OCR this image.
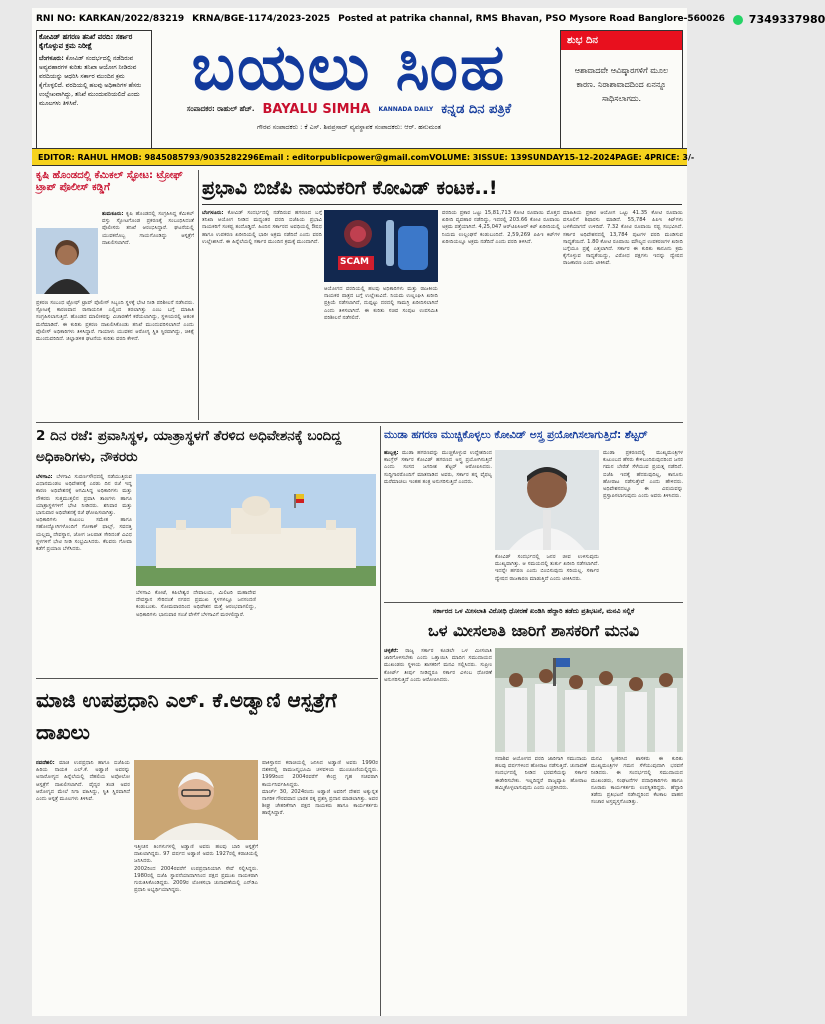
RNI NO: KARKAN/2022/83219 KRNA/BGE-1174/2023-2025 Posted at patrika channal, RMS Bhavan, PSO Mysore Road Banglore-560026	7349337980
ಕೋವಿಡ್ ಹಗರಣ ತನಿಖೆ ವರದಿ: ಸರ್ಕಾರ ಕೈಗೊಳ್ಳುವ ಕ್ರಮ ನಿರೀಕ್ಷೆ
ಬೆಂಗಳೂರು: ಕೋವಿಡ್ ಸಂದರ್ಭದಲ್ಲಿ ನಡೆದಿರುವ ಅವ್ಯವಹಾರಗಳ ಕುರಿತು ತನಿಖಾ ಆಯೋಗ ನೀಡಿರುವ ವರದಿಯನ್ನು ಆಧರಿಸಿ ಸರ್ಕಾರ ಮುಂದಿನ ಕ್ರಮ ಕೈಗೊಳ್ಳಲಿದೆ. ವರದಿಯಲ್ಲಿ ಹಲವು ಅಧಿಕಾರಿಗಳ ಹೆಸರು ಉಲ್ಲೇಖವಾಗಿದ್ದು, ತನಿಖೆ ಮುಂದುವರಿಯಲಿದೆ ಎಂದು ಮೂಲಗಳು ತಿಳಿಸಿವೆ.	ಬಯಲು ಸಿಂಹ
ಸಂಪಾದಕರ: ರಾಹುಲ್ ಹೆಚ್. BAYALU SIMHA KANNADA DAILY ಕನ್ನಡ ದಿನ ಪತ್ರಿಕೆ
ಗೌರವ ಸಂಪಾದಕರು : ಕೆ ಎಸ್. ಶಿವಪ್ರಸಾದ್ ವ್ಯವಸ್ಥಾಪಕ ಸಂಪಾದಕರು: ಆರ್. ಹನುಮಂತ
ಶುಭ ದಿನ
ಆಶಾವಾದವೇ ಆವಿಷ್ಕಾರಗಳಿಗೆ ಮೂಲ ಕಾರಣ. ನಿರಾಶಾವಾದದಿಂದ ಏನನ್ನೂ ಸಾಧಿಸಲಾಗದು.
EDITOR: RAHUL H MOB: 9845085793/9035282296 Email : editorpublicpower@gmail.com VOLUME: 3 ISSUE: 139 SUNDAY 15-12-2024 PAGE: 4 PRICE: 3/-
ಕೃಷಿ ಹೊಂಡದಲ್ಲಿ ಕೆಮಿಕಲ್ ಸ್ಫೋಟ: ಟ್ರೋಫ್ ಟ್ರಾಪ್ ಪೊಲೀಸ್ ಕಡ್ಡಿಗೆ
ತುಮಕೂರು: ಕೃಷಿ ಹೊಂಡದಲ್ಲಿ ಸಂಗ್ರಹಿಸಿದ್ದ ಕೆಮಿಕಲ್ ವಸ್ತು ಸ್ಫೋಟಗೊಂಡ ಪ್ರಕರಣಕ್ಕೆ ಸಂಬಂಧಿಸಿದಂತೆ ಪೊಲೀಸರು ತನಿಖೆ ಆರಂಭಿಸಿದ್ದಾರೆ. ಘಟನೆಯಲ್ಲಿ ಯುವಕನೊಬ್ಬ ಗಾಯಗೊಂಡಿದ್ದು ಆಸ್ಪತ್ರೆಗೆ ದಾಖಲಿಸಲಾಗಿದೆ.
ಪ್ರಕರಣ ಸಂಬಂಧ ಟ್ರೋಫ್ ಟ್ರಾಪ್ ಪೊಲೀಸ್ ಸಿಬ್ಬಂದಿ ಸ್ಥಳಕ್ಕೆ ಭೇಟಿ ನೀಡಿ ಪರಿಶೀಲನೆ ನಡೆಸಿದರು. ಸ್ಫೋಟಕ್ಕೆ ಕಾರಣವಾದ ರಾಸಾಯನಿಕ ಎಲ್ಲಿಂದ ತರಲಾಗಿತ್ತು ಎಂಬ ಬಗ್ಗೆ ಮಾಹಿತಿ ಸಂಗ್ರಹಿಸಲಾಗುತ್ತಿದೆ. ಹೊಂಡದ ಮಾಲೀಕರನ್ನು ವಿಚಾರಣೆಗೆ ಕರೆಯಲಾಗಿದ್ದು, ಸ್ಥಳೀಯರಲ್ಲಿ ಆತಂಕ ಮನೆಮಾಡಿದೆ. ಈ ಕುರಿತು ಪ್ರಕರಣ ದಾಖಲಿಸಿಕೊಂಡು ತನಿಖೆ ಮುಂದುವರಿಸಲಾಗಿದೆ ಎಂದು ಪೊಲೀಸ್ ಅಧಿಕಾರಿಗಳು ತಿಳಿಸಿದ್ದಾರೆ. ಗಾಯಾಳು ಯುವಕನ ಆರೋಗ್ಯ ಸ್ಥಿತಿ ಸ್ಥಿರವಾಗಿದ್ದು, ಚಿಕಿತ್ಸೆ ಮುಂದುವರಿದಿದೆ. ಜಿಲ್ಲಾಡಳಿತ ಘಟನೆಯ ಕುರಿತು ವರದಿ ಕೇಳಿದೆ.
ಪ್ರಭಾವಿ ಬಿಜೆಪಿ ನಾಯಕರಿಗೆ ಕೋವಿಡ್ ಕಂಟಕ..!
ಬೆಂಗಳೂರು: ಕೋವಿಡ್ ಸಂದರ್ಭದಲ್ಲಿ ನಡೆದಿರುವ ಹಗರಣದ ಬಗ್ಗೆ ತನಿಖಾ ಆಯೋಗ ನೀಡಿದ ಮಧ್ಯಂತರ ವರದಿ ಬಿಜೆಪಿಯ ಪ್ರಭಾವಿ ನಾಯಕರಿಗೆ ಸಂಕಷ್ಟ ತಂದೊಡ್ಡಿದೆ. ಹಿಂದಿನ ಸರ್ಕಾರದ ಅವಧಿಯಲ್ಲಿ ಔಷಧ ಹಾಗೂ ಉಪಕರಣ ಖರೀದಿಯಲ್ಲಿ ಭಾರೀ ಅಕ್ರಮ ನಡೆದಿದೆ ಎಂದು ವರದಿ ಉಲ್ಲೇಖಿಸಿದೆ. ಈ ಹಿನ್ನೆಲೆಯಲ್ಲಿ ಸರ್ಕಾರ ಮುಂದಿನ ಕ್ರಮಕ್ಕೆ ಮುಂದಾಗಿದೆ.
SCAM
ಆಯೋಗದ ವರದಿಯಲ್ಲಿ ಹಲವು ಅಧಿಕಾರಿಗಳು ಮತ್ತು ರಾಜಕೀಯ ನಾಯಕರ ಪಾತ್ರದ ಬಗ್ಗೆ ಉಲ್ಲೇಖವಿದೆ. ನಿಯಮ ಉಲ್ಲಂಘಿಸಿ ಖರೀದಿ ಪ್ರಕ್ರಿಯೆ ನಡೆಸಲಾಗಿದೆ, ದುಪ್ಪಟ್ಟು ದರದಲ್ಲಿ ಸಾಮಗ್ರಿ ಖರೀದಿಸಲಾಗಿದೆ ಎಂದು ತಿಳಿಸಲಾಗಿದೆ. ಈ ಕುರಿತು ಸಚಿವ ಸಂಪುಟ ಉಪಸಮಿತಿ ಪರಿಶೀಲನೆ ನಡೆಸಲಿದೆ.
ವರದಿಯ ಪ್ರಕಾರ ಒಟ್ಟು 15,81,713 ಕೋಟಿ ರೂಪಾಯಿ ಮೊತ್ತದ ಖರೀದಿ ವ್ಯವಹಾರ ನಡೆದಿದ್ದು, ಇದರಲ್ಲಿ 203.66 ಕೋಟಿ ರೂಪಾಯಿ ಅಕ್ರಮ ಪತ್ತೆಯಾಗಿದೆ. 4,25,047 ಆರ್‌ಟಿಪಿಸಿಆರ್ ಕಿಟ್ ಖರೀದಿಯಲ್ಲಿ ನಿಯಮ ಉಲ್ಲಂಘನೆ ಕಂಡುಬಂದಿದೆ. 2,59,269 ಪಿಪಿಇ ಕಿಟ್‌ಗಳ ಖರೀದಿಯಲ್ಲೂ ಅಕ್ರಮ ನಡೆದಿದೆ ಎಂದು ವರದಿ ತಿಳಿಸಿದೆ.
ಮಾಹಿತಿಯ ಪ್ರಕಾರ ಆಯೋಗ ಒಟ್ಟು 41.35 ಕೋಟಿ ರೂಪಾಯಿ ವಸೂಲಿಗೆ ಶಿಫಾರಸು ಮಾಡಿದೆ. 55,784 ಪಿಪಿಇ ಕಿಟ್‌ಗಳು ಬಳಕೆಯಾಗದೆ ಉಳಿದಿವೆ. 7.32 ಕೋಟಿ ರೂಪಾಯಿ ನಷ್ಟ ಸಂಭವಿಸಿದೆ. ಸರ್ಕಾರ ಅಧಿವೇಶನದಲ್ಲಿ 13,784 ಪುಟಗಳ ವರದಿ ಮಂಡಿಸುವ ಸಾಧ್ಯತೆಯಿದೆ. 1.80 ಕೋಟಿ ರೂಪಾಯಿ ಮೌಲ್ಯದ ಉಪಕರಣಗಳ ಖರೀದಿ ಬಗ್ಗೆಯೂ ಪ್ರಶ್ನೆ ಎತ್ತಲಾಗಿದೆ. ಸರ್ಕಾರ ಈ ಕುರಿತು ಕಾನೂನು ಕ್ರಮ ಕೈಗೊಳ್ಳುವ ಸಾಧ್ಯತೆಯಿದ್ದು, ವಿರೋಧ ಪಕ್ಷಗಳು ಇದನ್ನು ದ್ವೇಷದ ರಾಜಕಾರಣ ಎಂದು ಟೀಕಿಸಿವೆ.
2 ದಿನ ರಜೆ: ಪ್ರವಾಸಿಸ್ಥಳ, ಯಾತ್ರಾಸ್ಥಳಗೆ ತೆರಳಿದ ಅಧಿವೇಶನಕ್ಕೆ ಬಂದಿದ್ದ ಅಧಿಕಾರಿಗಳು, ನೌಕರರು
ಬೆಳಗಾವಿ: ಬೆಳಗಾವಿ ಸುವರ್ಣಸೌಧದಲ್ಲಿ ನಡೆಯುತ್ತಿರುವ ವಿಧಾನಮಂಡಲ ಅಧಿವೇಶನಕ್ಕೆ ಎರಡು ದಿನ ರಜೆ ಇದ್ದ ಕಾರಣ ಅಧಿವೇಶನಕ್ಕೆ ಆಗಮಿಸಿದ್ದ ಅಧಿಕಾರಿಗಳು ಮತ್ತು ನೌಕರರು ಸುತ್ತಮುತ್ತಲಿನ ಪ್ರವಾಸಿ ತಾಣಗಳು ಹಾಗೂ ಯಾತ್ರಾಸ್ಥಳಗಳಿಗೆ ಭೇಟಿ ನೀಡಿದರು. ಶನಿವಾರ ಮತ್ತು ಭಾನುವಾರ ಅಧಿವೇಶನಕ್ಕೆ ರಜೆ ಘೋಷಿಸಲಾಗಿತ್ತು.
ಅಧಿಕಾರಿಗಳು ಕುಟುಂಬ ಸಮೇತ ಹಾಗೂ ಸಹೋದ್ಯೋಗಿಗಳೊಂದಿಗೆ ಗೋಕಾಕ್ ಫಾಲ್ಸ್, ಸವದತ್ತಿ ಯಲ್ಲಮ್ಮ ದೇವಸ್ಥಾನ, ಜೋಗ ಜಲಪಾತ ಸೇರಿದಂತೆ ವಿವಿಧ ಸ್ಥಳಗಳಿಗೆ ಭೇಟಿ ನೀಡಿ ಸಂಭ್ರಮಿಸಿದರು. ಕೆಲವರು ಗೋವಾ ಕಡೆಗೆ ಪ್ರಯಾಣ ಬೆಳೆಸಿದರು.
ಬೆಳಗಾವಿ ಕೋಟೆ, ಕಪಿಲೇಶ್ವರ ದೇವಾಲಯ, ಮಿಲಿಟರಿ ಮಹಾದೇವ ದೇವಸ್ಥಾನ ಸೇರಿದಂತೆ ನಗರದ ಪ್ರಮುಖ ಸ್ಥಳಗಳಲ್ಲೂ ಜನಸಂದಣಿ ಕಂಡುಬಂತು. ಸೋಮವಾರದಿಂದ ಅಧಿವೇಶನ ಮತ್ತೆ ಆರಂಭವಾಗಲಿದ್ದು, ಅಧಿಕಾರಿಗಳು ಭಾನುವಾರ ಸಂಜೆ ವೇಳೆಗೆ ಬೆಳಗಾವಿಗೆ ಮರಳಲಿದ್ದಾರೆ.
ಮುಡಾ ಹಗರಣ ಮುಚ್ಚಿಕೊಳ್ಳಲು ಕೋವಿಡ್ ಅಸ್ತ್ರ ಪ್ರಯೋಗಿಸಲಾಗುತ್ತಿದೆ: ಶೆಟ್ಟರ್
ಹುಬ್ಬಳ್ಳಿ: ಮುಡಾ ಹಗರಣವನ್ನು ಮುಚ್ಚಿಕೊಳ್ಳುವ ಉದ್ದೇಶದಿಂದ ಕಾಂಗ್ರೆಸ್ ಸರ್ಕಾರ ಕೋವಿಡ್ ಹಗರಣದ ಅಸ್ತ್ರ ಪ್ರಯೋಗಿಸುತ್ತಿದೆ ಎಂದು ಸಂಸದ ಜಗದೀಶ ಶೆಟ್ಟರ್ ಆರೋಪಿಸಿದರು. ಸುದ್ದಿಗಾರರೊಂದಿಗೆ ಮಾತನಾಡಿದ ಅವರು, ಸರ್ಕಾರ ತನ್ನ ವೈಫಲ್ಯ ಮರೆಮಾಚಲು ಇಂತಹ ತಂತ್ರ ಅನುಸರಿಸುತ್ತಿದೆ ಎಂದರು.
ಕೋವಿಡ್ ಸಂದರ್ಭದಲ್ಲಿ ಜನರ ಜೀವ ಉಳಿಸುವುದು ಮುಖ್ಯವಾಗಿತ್ತು. ಆ ಸಮಯದಲ್ಲಿ ತುರ್ತು ಖರೀದಿ ನಡೆಸಲಾಗಿದೆ. ಇದನ್ನೇ ಹಗರಣ ಎಂದು ಬಿಂಬಿಸುವುದು ಸರಿಯಲ್ಲ. ಸರ್ಕಾರ ದ್ವೇಷದ ರಾಜಕಾರಣ ಮಾಡುತ್ತಿದೆ ಎಂದು ಟೀಕಿಸಿದರು.
ಮುಡಾ ಪ್ರಕರಣದಲ್ಲಿ ಮುಖ್ಯಮಂತ್ರಿಗಳ ಕುಟುಂಬದ ಹೆಸರು ಕೇಳಿಬಂದಿರುವುದರಿಂದ ಜನರ ಗಮನ ಬೇರೆಡೆ ಸೆಳೆಯುವ ಪ್ರಯತ್ನ ನಡೆದಿದೆ. ಬಿಜೆಪಿ ಇದಕ್ಕೆ ಹೆದರುವುದಿಲ್ಲ, ಕಾನೂನು ಹೋರಾಟ ನಡೆಸುತ್ತೇವೆ ಎಂದು ಹೇಳಿದರು. ಅಧಿವೇಶನದಲ್ಲೂ ಈ ವಿಷಯವನ್ನು ಪ್ರಸ್ತಾಪಿಸಲಾಗುವುದು ಎಂದು ಅವರು ತಿಳಿಸಿದರು.
ಸರ್ಕಾರದ ಒಳ ಮೀಸಲಾತಿ ವಿರೋಧಿ ಧೋರಣೆ ಖಂಡಿಸಿ ಹೆದ್ದಾರಿ ತಡೆದು ಪ್ರತಿಭಟನೆ, ಮನವಿ ಸಲ್ಲಿಕೆ
ಒಳ ಮೀಸಲಾತಿ ಜಾರಿಗೆ ಶಾಸಕರಿಗೆ ಮನವಿ
ಚಳ್ಳಕೆರೆ: ರಾಜ್ಯ ಸರ್ಕಾರ ಕೂಡಲೇ ಒಳ ಮೀಸಲಾತಿ ಜಾರಿಗೊಳಿಸಬೇಕು ಎಂದು ಒತ್ತಾಯಿಸಿ ಮಾದಿಗ ಸಮುದಾಯದ ಮುಖಂಡರು ಸ್ಥಳೀಯ ಶಾಸಕರಿಗೆ ಮನವಿ ಸಲ್ಲಿಸಿದರು. ಸುಪ್ರೀಂ ಕೋರ್ಟ್ ತೀರ್ಪು ನೀಡಿದ್ದರೂ ಸರ್ಕಾರ ವಿಳಂಬ ಧೋರಣೆ ಅನುಸರಿಸುತ್ತಿದೆ ಎಂದು ಆರೋಪಿಸಿದರು.
ಸದಾಶಿವ ಆಯೋಗದ ವರದಿ ಜಾರಿಗಾಗಿ ಸಮುದಾಯ ಹಲವು ವರ್ಷಗಳಿಂದ ಹೋರಾಟ ನಡೆಸುತ್ತಿದೆ. ಚುನಾವಣೆ ಸಂದರ್ಭದಲ್ಲಿ ನೀಡಿದ ಭರವಸೆಯನ್ನು ಸರ್ಕಾರ ಈಡೇರಿಸಬೇಕು. ಇಲ್ಲದಿದ್ದರೆ ರಾಜ್ಯವ್ಯಾಪಿ ಹೋರಾಟ ಹಮ್ಮಿಕೊಳ್ಳಲಾಗುವುದು ಎಂದು ಎಚ್ಚರಿಸಿದರು.
ಮನವಿ ಸ್ವೀಕರಿಸಿದ ಶಾಸಕರು ಈ ಕುರಿತು ಮುಖ್ಯಮಂತ್ರಿಗಳ ಗಮನ ಸೆಳೆಯುವುದಾಗಿ ಭರವಸೆ ನೀಡಿದರು. ಈ ಸಂದರ್ಭದಲ್ಲಿ ಸಮುದಾಯದ ಮುಖಂಡರು, ಸಂಘಟನೆಗಳ ಪದಾಧಿಕಾರಿಗಳು ಹಾಗೂ ನೂರಾರು ಕಾರ್ಯಕರ್ತರು ಉಪಸ್ಥಿತರಿದ್ದರು. ಹೆದ್ದಾರಿ ತಡೆದು ಪ್ರತಿಭಟನೆ ನಡೆಸಿದ್ದರಿಂದ ಕೆಲಕಾಲ ವಾಹನ ಸಂಚಾರ ಅಸ್ತವ್ಯಸ್ತಗೊಂಡಿತ್ತು.
ಮಾಜಿ ಉಪಪ್ರಧಾನಿ ಎಲ್. ಕೆ.ಅಡ್ವಾಣಿ ಆಸ್ಪತ್ರೆಗೆ ದಾಖಲು
ನವದೆಹಲಿ: ಮಾಜಿ ಉಪಪ್ರಧಾನಿ ಹಾಗೂ ಬಿಜೆಪಿಯ ಹಿರಿಯ ನಾಯಕ ಎಲ್.ಕೆ. ಅಡ್ವಾಣಿ ಅವರನ್ನು ಅನಾರೋಗ್ಯದ ಹಿನ್ನೆಲೆಯಲ್ಲಿ ದೆಹಲಿಯ ಅಪೋಲೋ ಆಸ್ಪತ್ರೆಗೆ ದಾಖಲಿಸಲಾಗಿದೆ. ವೈದ್ಯರ ತಂಡ ಅವರ ಆರೋಗ್ಯದ ಮೇಲೆ ನಿಗಾ ವಹಿಸಿದ್ದು, ಸ್ಥಿತಿ ಸ್ಥಿರವಾಗಿದೆ ಎಂದು ಆಸ್ಪತ್ರೆ ಮೂಲಗಳು ತಿಳಿಸಿವೆ.
ಇತ್ತೀಚಿನ ತಿಂಗಳುಗಳಲ್ಲಿ ಅಡ್ವಾಣಿ ಅವರು ಹಲವು ಬಾರಿ ಆಸ್ಪತ್ರೆಗೆ ದಾಖಲಾಗಿದ್ದರು. 97 ವರ್ಷದ ಅಡ್ವಾಣಿ ಅವರು 1927ರಲ್ಲಿ ಕರಾಚಿಯಲ್ಲಿ ಜನಿಸಿದರು.
2002ರಿಂದ 2004ರವರೆಗೆ ಉಪಪ್ರಧಾನಿಯಾಗಿ ಸೇವೆ ಸಲ್ಲಿಸಿದ್ದರು. 1980ರಲ್ಲಿ ಬಿಜೆಪಿ ಸ್ಥಾಪನೆಯಾದಾಗಿನಿಂದ ಪಕ್ಷದ ಪ್ರಮುಖ ನಾಯಕರಾಗಿ ಗುರುತಿಸಿಕೊಂಡಿದ್ದರು. 2009ರ ಲೋಕಸಭಾ ಚುನಾವಣೆಯಲ್ಲಿ ಎನ್‌ಡಿಎ ಪ್ರಧಾನಿ ಅಭ್ಯರ್ಥಿಯಾಗಿದ್ದರು.
ಪಾಕಿಸ್ತಾನದ ಕರಾಚಿಯಲ್ಲಿ ಜನಿಸಿದ ಅಡ್ವಾಣಿ ಅವರು 1990ರ ದಶಕದಲ್ಲಿ ರಾಮಜನ್ಮಭೂಮಿ ಚಳವಳಿಯ ಮುಂಚೂಣಿಯಲ್ಲಿದ್ದರು. 1999ರಿಂದ 2004ರವರೆಗೆ ಕೇಂದ್ರ ಗೃಹ ಸಚಿವರಾಗಿ ಕಾರ್ಯನಿರ್ವಹಿಸಿದ್ದರು.
ಮಾರ್ಚ್ 30, 2024ರಂದು ಅಡ್ವಾಣಿ ಅವರಿಗೆ ದೇಶದ ಅತ್ಯುನ್ನತ ನಾಗರಿಕ ಗೌರವವಾದ ಭಾರತ ರತ್ನ ಪ್ರಶಸ್ತಿ ಪ್ರದಾನ ಮಾಡಲಾಗಿತ್ತು. ಅವರ ಶೀಘ್ರ ಚೇತರಿಕೆಗಾಗಿ ಪಕ್ಷದ ನಾಯಕರು ಹಾಗೂ ಕಾರ್ಯಕರ್ತರು ಹಾರೈಸಿದ್ದಾರೆ.
